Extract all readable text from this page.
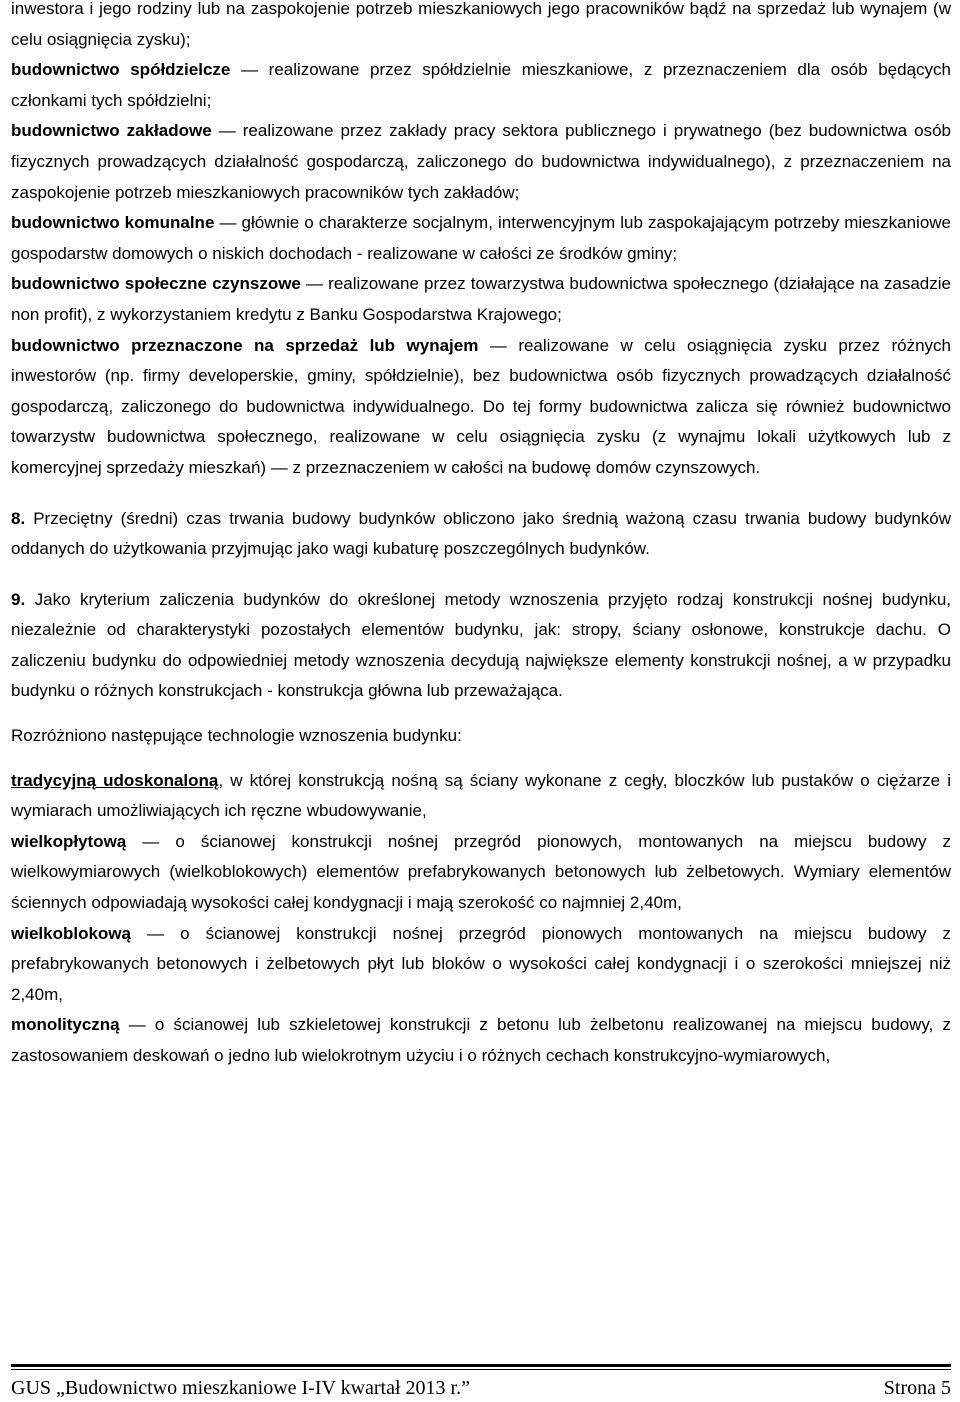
inwestora i jego rodziny lub na zaspokojenie potrzeb mieszkaniowych jego pracowników bądź na sprzedaż lub wynajem (w celu osiągnięcia zysku);

budownictwo spółdzielcze — realizowane przez spółdzielnie mieszkaniowe, z przeznaczeniem dla osób będących członkami tych spółdzielni;

budownictwo zakładowe — realizowane przez zakłady pracy sektora publicznego i prywatnego (bez budownictwa osób fizycznych prowadzących działalność gospodarczą, zaliczonego do budownictwa indywidualnego), z przeznaczeniem na zaspokojenie potrzeb mieszkaniowych pracowników tych zakładów;

budownictwo komunalne — głównie o charakterze socjalnym, interwencyjnym lub zaspokajającym potrzeby mieszkaniowe gospodarstw domowych o niskich dochodach - realizowane w całości ze środków gminy;

budownictwo społeczne czynszowe — realizowane przez towarzystwa budownictwa społecznego (działające na zasadzie non profit), z wykorzystaniem kredytu z Banku Gospodarstwa Krajowego;

budownictwo przeznaczone na sprzedaż lub wynajem — realizowane w celu osiągnięcia zysku przez różnych inwestorów (np. firmy developerskie, gminy, spółdzielnie), bez budownictwa osób fizycznych prowadzących działalność gospodarczą, zaliczonego do budownictwa indywidualnego. Do tej formy budownictwa zalicza się również budownictwo towarzystw budownictwa społecznego, realizowane w celu osiągnięcia zysku (z wynajmu lokali użytkowych lub z komercyjnej sprzedaży mieszkań) — z przeznaczeniem w całości na budowę domów czynszowych.

8. Przeciętny (średni) czas trwania budowy budynków obliczono jako średnią ważoną czasu trwania budowy budynków oddanych do użytkowania przyjmując jako wagi kubaturę poszczególnych budynków.

9. Jako kryterium zaliczenia budynków do określonej metody wznoszenia przyjęto rodzaj konstrukcji nośnej budynku, niezależnie od charakterystyki pozostałych elementów budynku, jak: stropy, ściany osłonowe, konstrukcje dachu. O zaliczeniu budynku do odpowiedniej metody wznoszenia decydują największe elementy konstrukcji nośnej, a w przypadku budynku o różnych konstrukcjach - konstrukcja główna lub przeważająca.

Rozróżniono następujące technologie wznoszenia budynku:

tradycyjną udoskonaloną, w której konstrukcją nośną są ściany wykonane z cegły, bloczków lub pustaków o ciężarze i wymiarach umożliwiających ich ręczne wbudowywanie,

wielkopłytową — o ścianowej konstrukcji nośnej przegród pionowych, montowanych na miejscu budowy z wielkowymiarowych (wielkoblokowych) elementów prefabrykowanych betonowych lub żelbetowych. Wymiary elementów ściennych odpowiadają wysokości całej kondygnacji i mają szerokość co najmniej 2,40m,

wielkoblokową — o ścianowej konstrukcji nośnej przegród pionowych montowanych na miejscu budowy z prefabrykowanych betonowych i żelbetowych płyt lub bloków o wysokości całej kondygnacji i o szerokości mniejszej niż 2,40m,

monolityczną — o ścianowej lub szkieletowej konstrukcji z betonu lub żelbetonu realizowanej na miejscu budowy, z zastosowaniem deskowań o jedno lub wielokrotnym użyciu i o różnych cechach konstrukcyjno-wymiarowych,

GUS „Budownictwo mieszkaniowe I-IV kwartał 2013 r.”	Strona 5
